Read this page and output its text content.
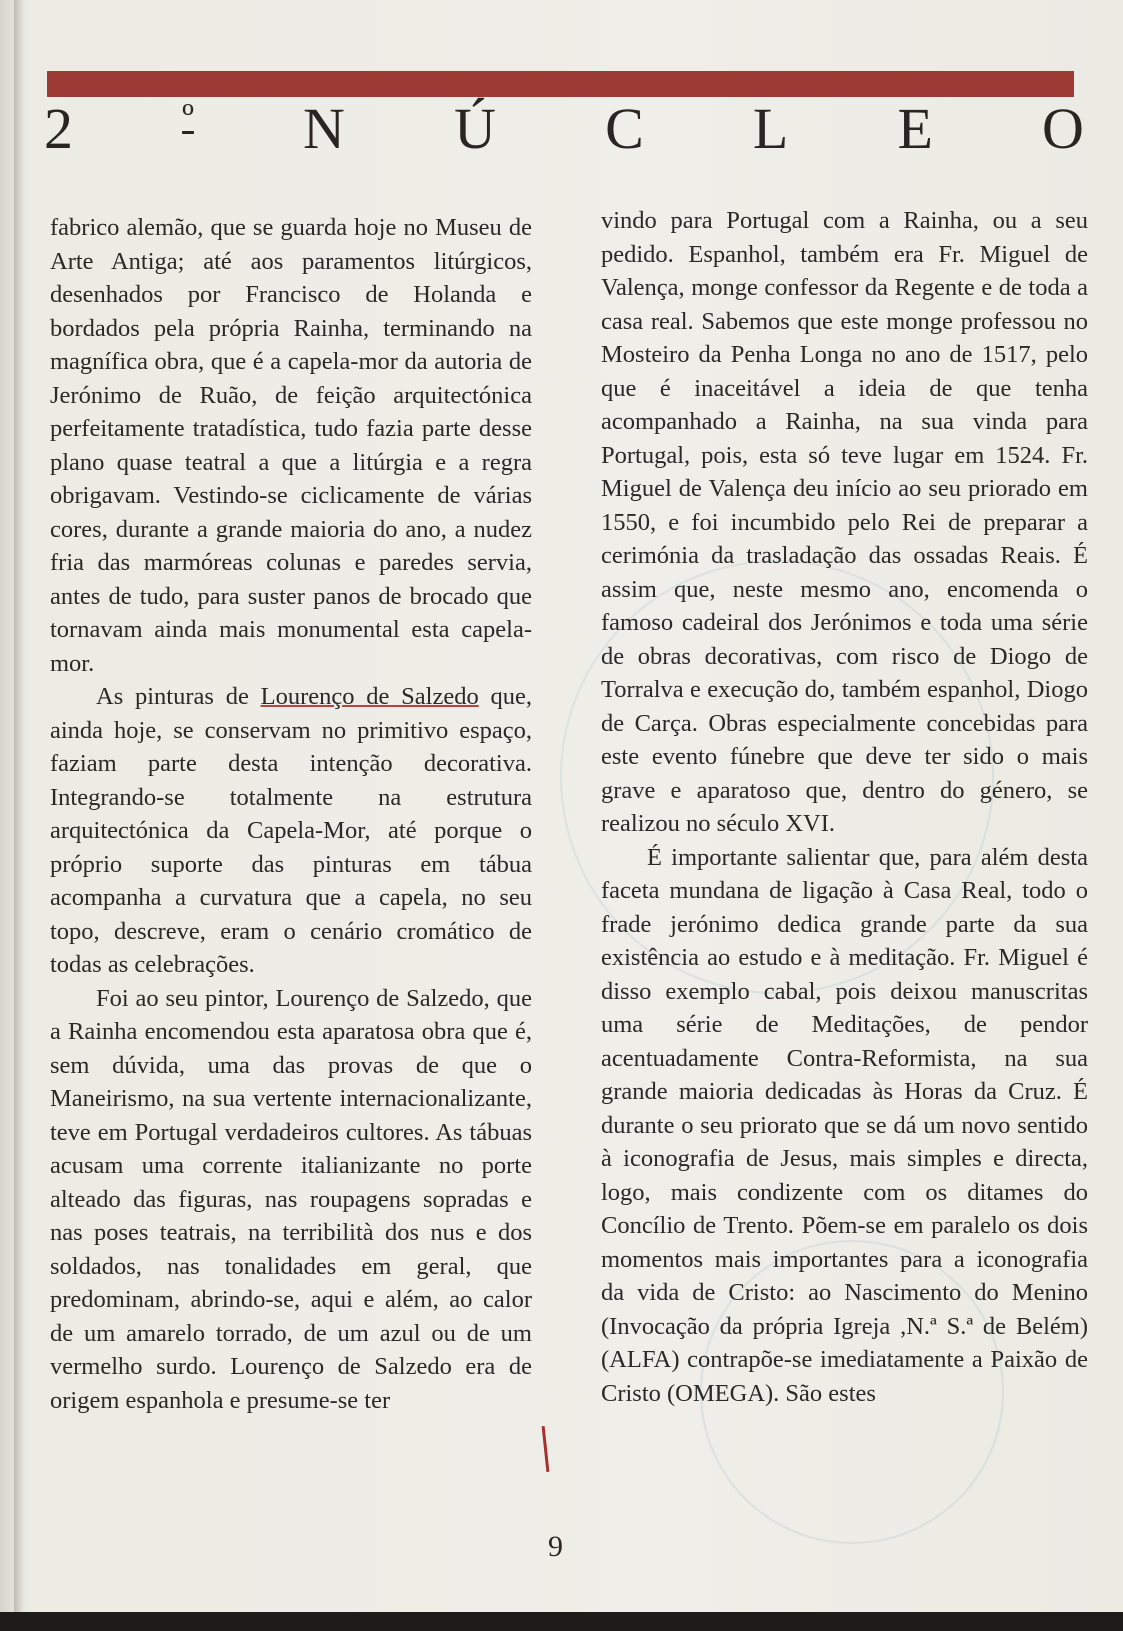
2	º N Ú C L E O

fabrico alemão, que se guarda hoje no Museu de Arte Antiga; até aos paramentos litúrgicos, desenhados por Francisco de Holanda e bordados pela própria Rainha, terminando na magnífica obra, que é a capela-mor da autoria de Jerónimo de Ruão, de feição arquitectónica perfeitamente tratadística, tudo fazia parte desse plano quase teatral a que a litúrgia e a regra obrigavam. Vestindo-se ciclicamente de várias cores, durante a grande maioria do ano, a nudez fria das marmóreas colunas e paredes servia, antes de tudo, para suster panos de brocado que tornavam ainda mais monumental esta capela-mor.

As pinturas de Lourenço de Salzedo que, ainda hoje, se conservam no primitivo espaço, faziam parte desta intenção decorativa. Integrando-se totalmente na estrutura arquitectónica da Capela-Mor, até porque o próprio suporte das pinturas em tábua acompanha a curvatura que a capela, no seu topo, descreve, eram o cenário cromático de todas as celebrações.

Foi ao seu pintor, Lourenço de Salzedo, que a Rainha encomendou esta aparatosa obra que é, sem dúvida, uma das provas de que o Maneirismo, na sua vertente internacionalizante, teve em Portugal verdadeiros cultores. As tábuas acusam uma corrente italianizante no porte alteado das figuras, nas roupagens sopradas e nas poses teatrais, na terribilità dos nus e dos soldados, nas tonalidades em geral, que predominam, abrindo-se, aqui e além, ao calor de um amarelo torrado, de um azul ou de um vermelho surdo. Lourenço de Salzedo era de origem espanhola e presume-se ter

vindo para Portugal com a Rainha, ou a seu pedido. Espanhol, também era Fr. Miguel de Valença, monge confessor da Regente e de toda a casa real. Sabemos que este monge professou no Mosteiro da Penha Longa no ano de 1517, pelo que é inaceitável a ideia de que tenha acompanhado a Rainha, na sua vinda para Portugal, pois, esta só teve lugar em 1524. Fr. Miguel de Valença deu início ao seu priorado em 1550, e foi incumbido pelo Rei de preparar a cerimónia da trasladação das ossadas Reais. É assim que, neste mesmo ano, encomenda o famoso cadeiral dos Jerónimos e toda uma série de obras decorativas, com risco de Diogo de Torralva e execução do, também espanhol, Diogo de Carça. Obras especialmente concebidas para este evento fúnebre que deve ter sido o mais grave e aparatoso que, dentro do género, se realizou no século XVI.

É importante salientar que, para além desta faceta mundana de ligação à Casa Real, todo o frade jerónimo dedica grande parte da sua existência ao estudo e à meditação. Fr. Miguel é disso exemplo cabal, pois deixou manuscritas uma série de Meditações, de pendor acentuadamente Contra-Reformista, na sua grande maioria dedicadas às Horas da Cruz. É durante o seu priorato que se dá um novo sentido à iconografia de Jesus, mais simples e directa, logo, mais condizente com os ditames do Concílio de Trento. Põem-se em paralelo os dois momentos mais importantes para a iconografia da vida de Cristo: ao Nascimento do Menino (Invocação da própria Igreja ,N.ª S.ª de Belém)(ALFA) contrapõe-se imediatamente a Paixão de Cristo (OMEGA). São estes

9
